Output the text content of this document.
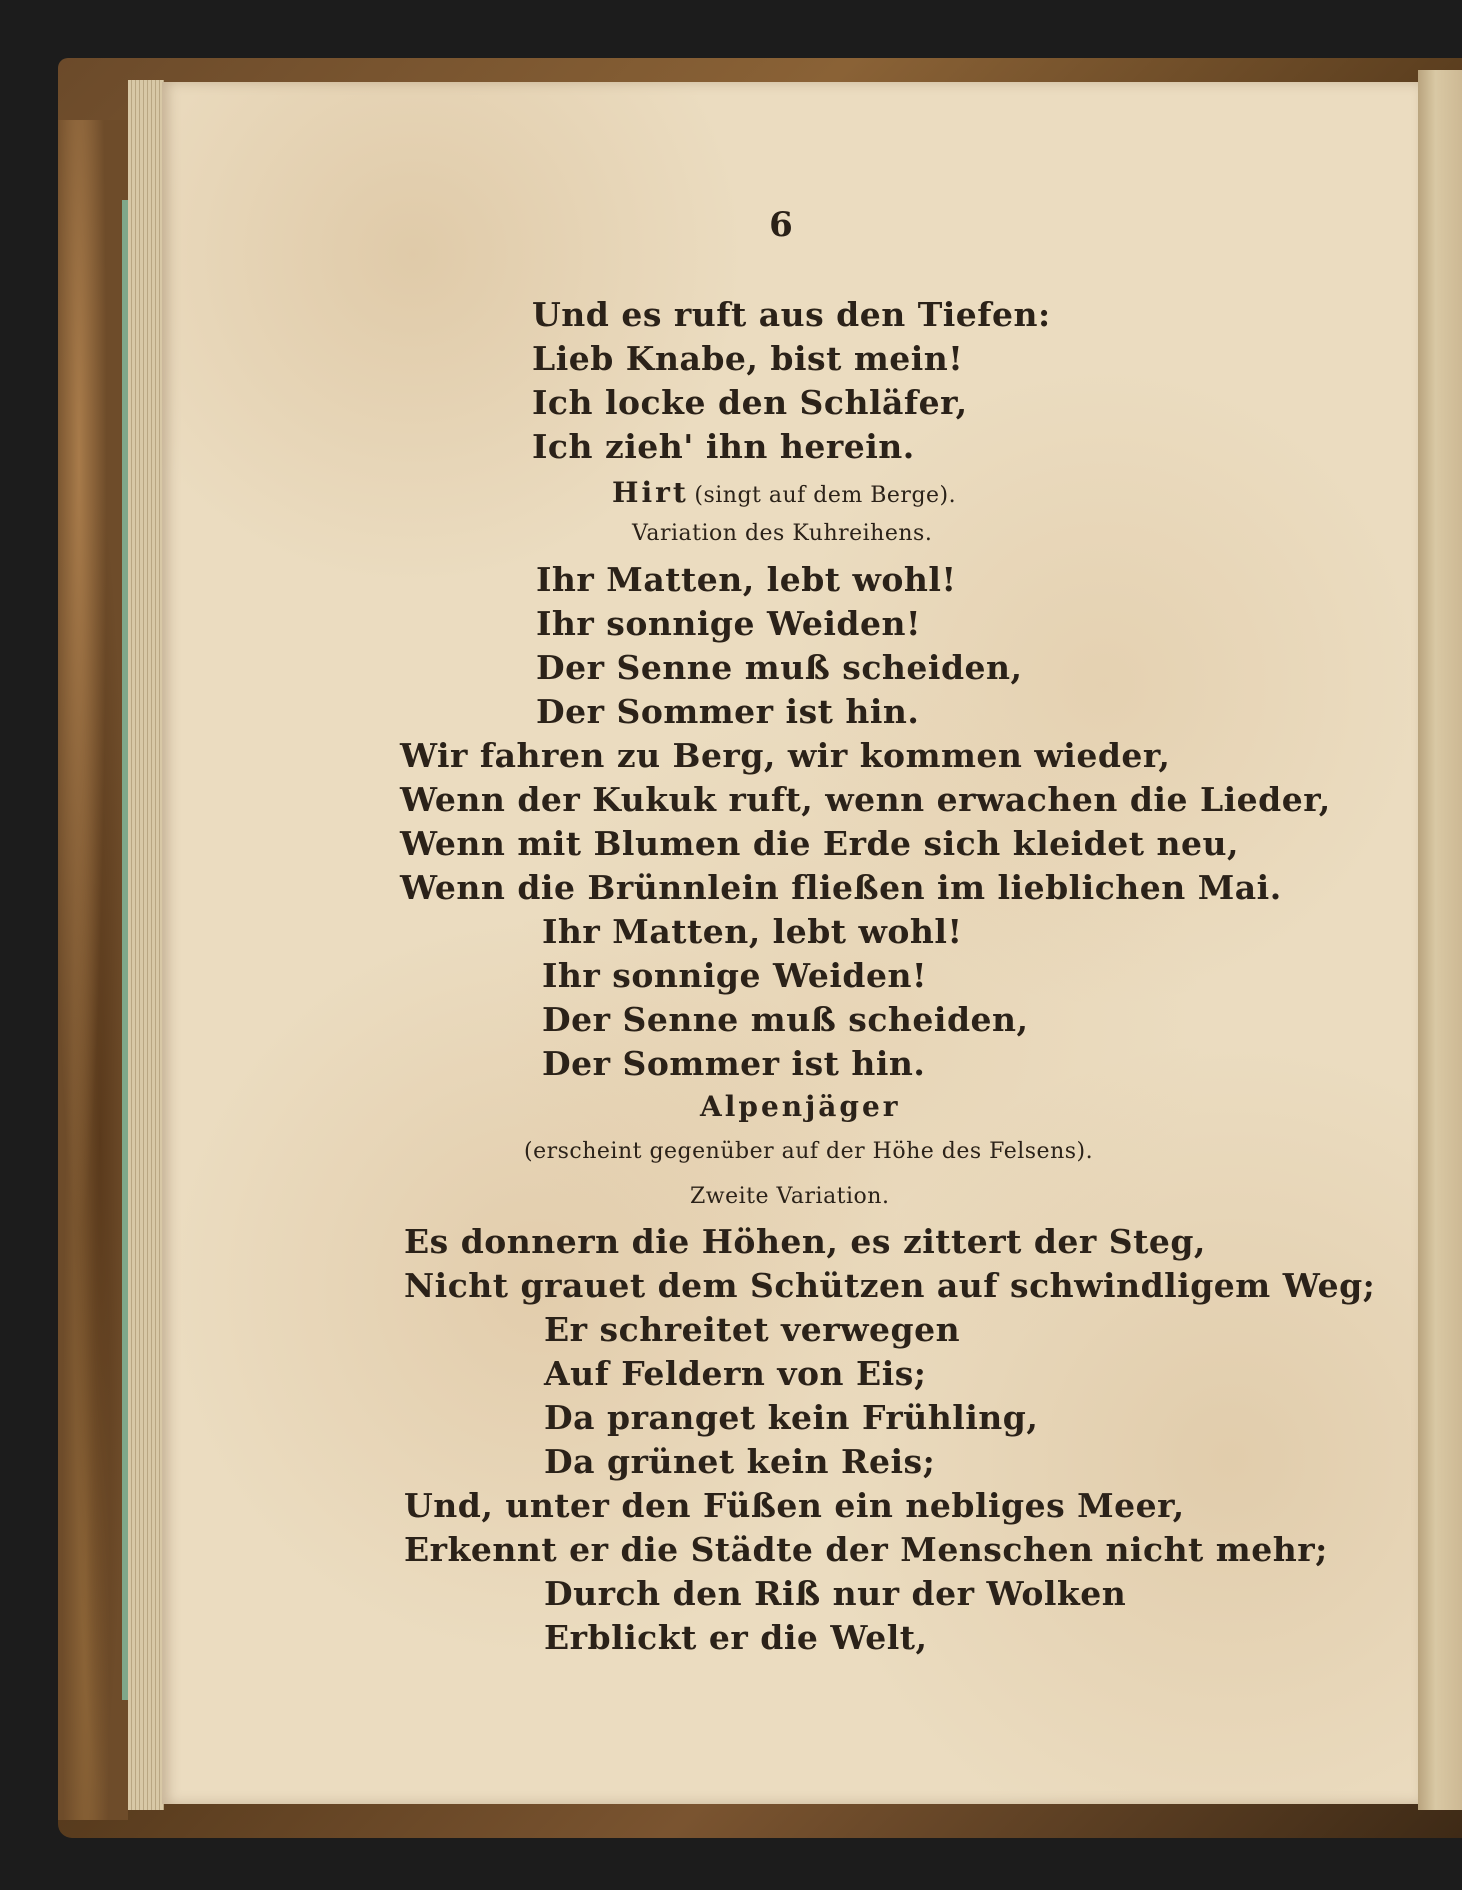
6
Und es ruft aus den Tiefen:
Lieb Knabe, bist mein!
Ich locke den Schläfer,
Ich zieh' ihn herein.
Hirt (singt auf dem Berge).
Variation des Kuhreihens.
Ihr Matten, lebt wohl!
Ihr sonnige Weiden!
Der Senne muß scheiden,
Der Sommer ist hin.
Wir fahren zu Berg, wir kommen wieder,
Wenn der Kukuk ruft, wenn erwachen die Lieder,
Wenn mit Blumen die Erde sich kleidet neu,
Wenn die Brünnlein fließen im lieblichen Mai.
Ihr Matten, lebt wohl!
Ihr sonnige Weiden!
Der Senne muß scheiden,
Der Sommer ist hin.
Alpenjäger
(erscheint gegenüber auf der Höhe des Felsens).
Zweite Variation.
Es donnern die Höhen, es zittert der Steg,
Nicht grauet dem Schützen auf schwindligem Weg;
Er schreitet verwegen
Auf Feldern von Eis;
Da pranget kein Frühling,
Da grünet kein Reis;
Und, unter den Füßen ein nebliges Meer,
Erkennt er die Städte der Menschen nicht mehr;
Durch den Riß nur der Wolken
Erblickt er die Welt,
